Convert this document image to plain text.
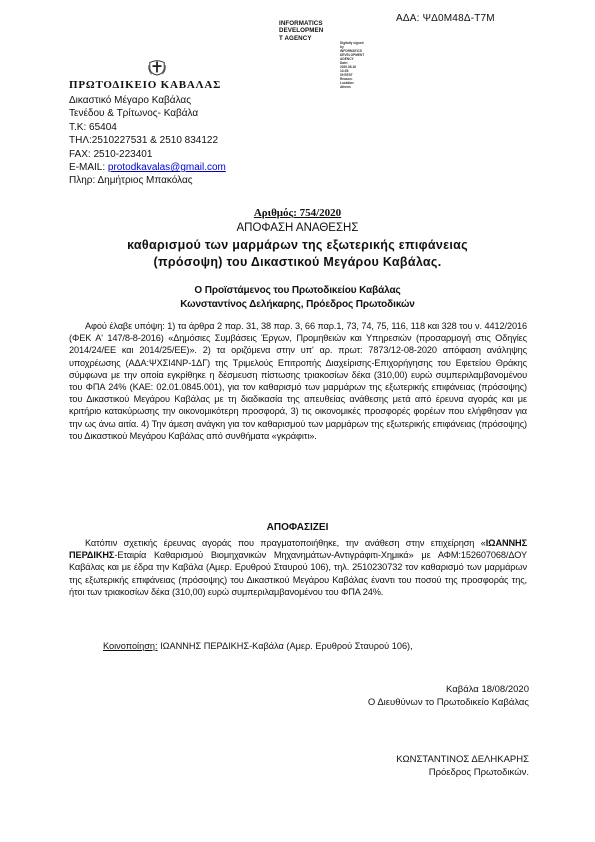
ΑΔΑ: ΨΔ0Μ48Δ-Τ7Μ
INFORMATICS
DEVELOPMEN
T AGENCY
Digitally signed by
INFORMATICS
DEVELOPMENT AGENCY
Date: 2020.08.18 14:25:
09 EEST
Reason:
Location: Athens
ΠΡΩΤΟΔΙΚΕΙΟ ΚΑΒΑΛΑΣ
Δικαστικό Μέγαρο Καβάλας
Τενέδου & Τρίτωνος- Καβάλα
Τ.Κ: 65404
ΤΗΛ:2510227531 & 2510 834122
FAX: 2510-223401
E-MAIL: protodkavalas@gmail.com
Πληρ: Δημήτριος Μπακόλας
Αριθμός: 754/2020
ΑΠΟΦΑΣΗ ΑΝΑΘΕΣΗΣ
καθαρισμού των μαρμάρων της εξωτερικής επιφάνειας
(πρόσοψη) του Δικαστικού Μεγάρου Καβάλας.
Ο Προϊστάμενος του Πρωτοδικείου Καβάλας
Κωνσταντίνος Δελήκαρης, Πρόεδρος Πρωτοδικών
Αφού έλαβε υπόψη: 1) τα άρθρα 2 παρ. 31, 38 παρ. 3, 66 παρ.1, 73, 74, 75, 116, 118 και 328 του ν. 4412/2016 (ΦΕΚ Α' 147/8-8-2016) «Δημόσιες Συμβάσεις Έργων, Προμηθειών και Υπηρεσιών (προσαρμογή στις Οδηγίες 2014/24/ΕΕ και 2014/25/ΕΕ)». 2) τα οριζόμενα στην υπ' αρ. πρωτ: 7873/12-08-2020 απόφαση ανάληψης υποχρέωσης (ΑΔΑ:ΨΧΣΙ4ΝΡ-1ΔΓ) της Τριμελούς Επιτροπής Διαχείρισης-Επιχορήγησης του Εφετείου Θράκης σύμφωνα με την οποία εγκρίθηκε η δέσμευση πίστωσης τριακοσίων δέκα (310,00) ευρώ συμπεριλαμβανομένου του ΦΠΑ 24% (ΚΑΕ: 02.01.0845.001), για τον καθαρισμό των μαρμάρων της εξωτερικής επιφάνειας (πρόσοψης) του Δικαστικού Μεγάρου Καβάλας με τη διαδικασία της απευθείας ανάθεσης μετά από έρευνα αγοράς και με κριτήριο κατακύρωσης την οικονομικότερη προσφορά, 3) τις οικονομικές προσφορές φορέων που ελήφθησαν για την ως άνω αιτία. 4) Την άμεση ανάγκη για τον καθαρισμού των μαρμάρων της εξωτερικής επιφάνειας (πρόσοψης) του Δικαστικού Μεγάρου Καβάλας από συνθήματα «γκράφιτι».
ΑΠΟΦΑΣΙΖΕΙ
Κατόπιν σχετικής έρευνας αγοράς που πραγματοποιήθηκε, την ανάθεση στην επιχείρηση «ΙΩΑΝΝΗΣ ΠΕΡΔΙΚΗΣ-Εταιρία Καθαρισμού Βιομηχανικών Μηχανημάτων-Αντιγράφιτι-Χημικά» με ΑΦΜ:152607068/ΔΟΥ Καβάλας και με έδρα την Καβάλα (Αμερ. Ερυθρού Σταυρού 106), τηλ. 2510230732 τον καθαρισμό των μαρμάρων της εξωτερικής επιφάνειας (πρόσοψης) του Δικαστικού Μεγάρου Καβάλας έναντι του ποσού της προσφοράς της, ήτοι των τριακοσίων δέκα (310,00) ευρώ συμπεριλαμβανομένου του ΦΠΑ 24%.
Κοινοποίηση: ΙΩΑΝΝΗΣ ΠΕΡΔΙΚΗΣ-Καβάλα (Αμερ. Ερυθρού Σταυρού 106),
Καβάλα 18/08/2020
Ο Διευθύνων το Πρωτοδικείο Καβάλας
ΚΩΝΣΤΑΝΤΙΝΟΣ ΔΕΛΗΚΑΡΗΣ
Πρόεδρος Πρωτοδικών.
